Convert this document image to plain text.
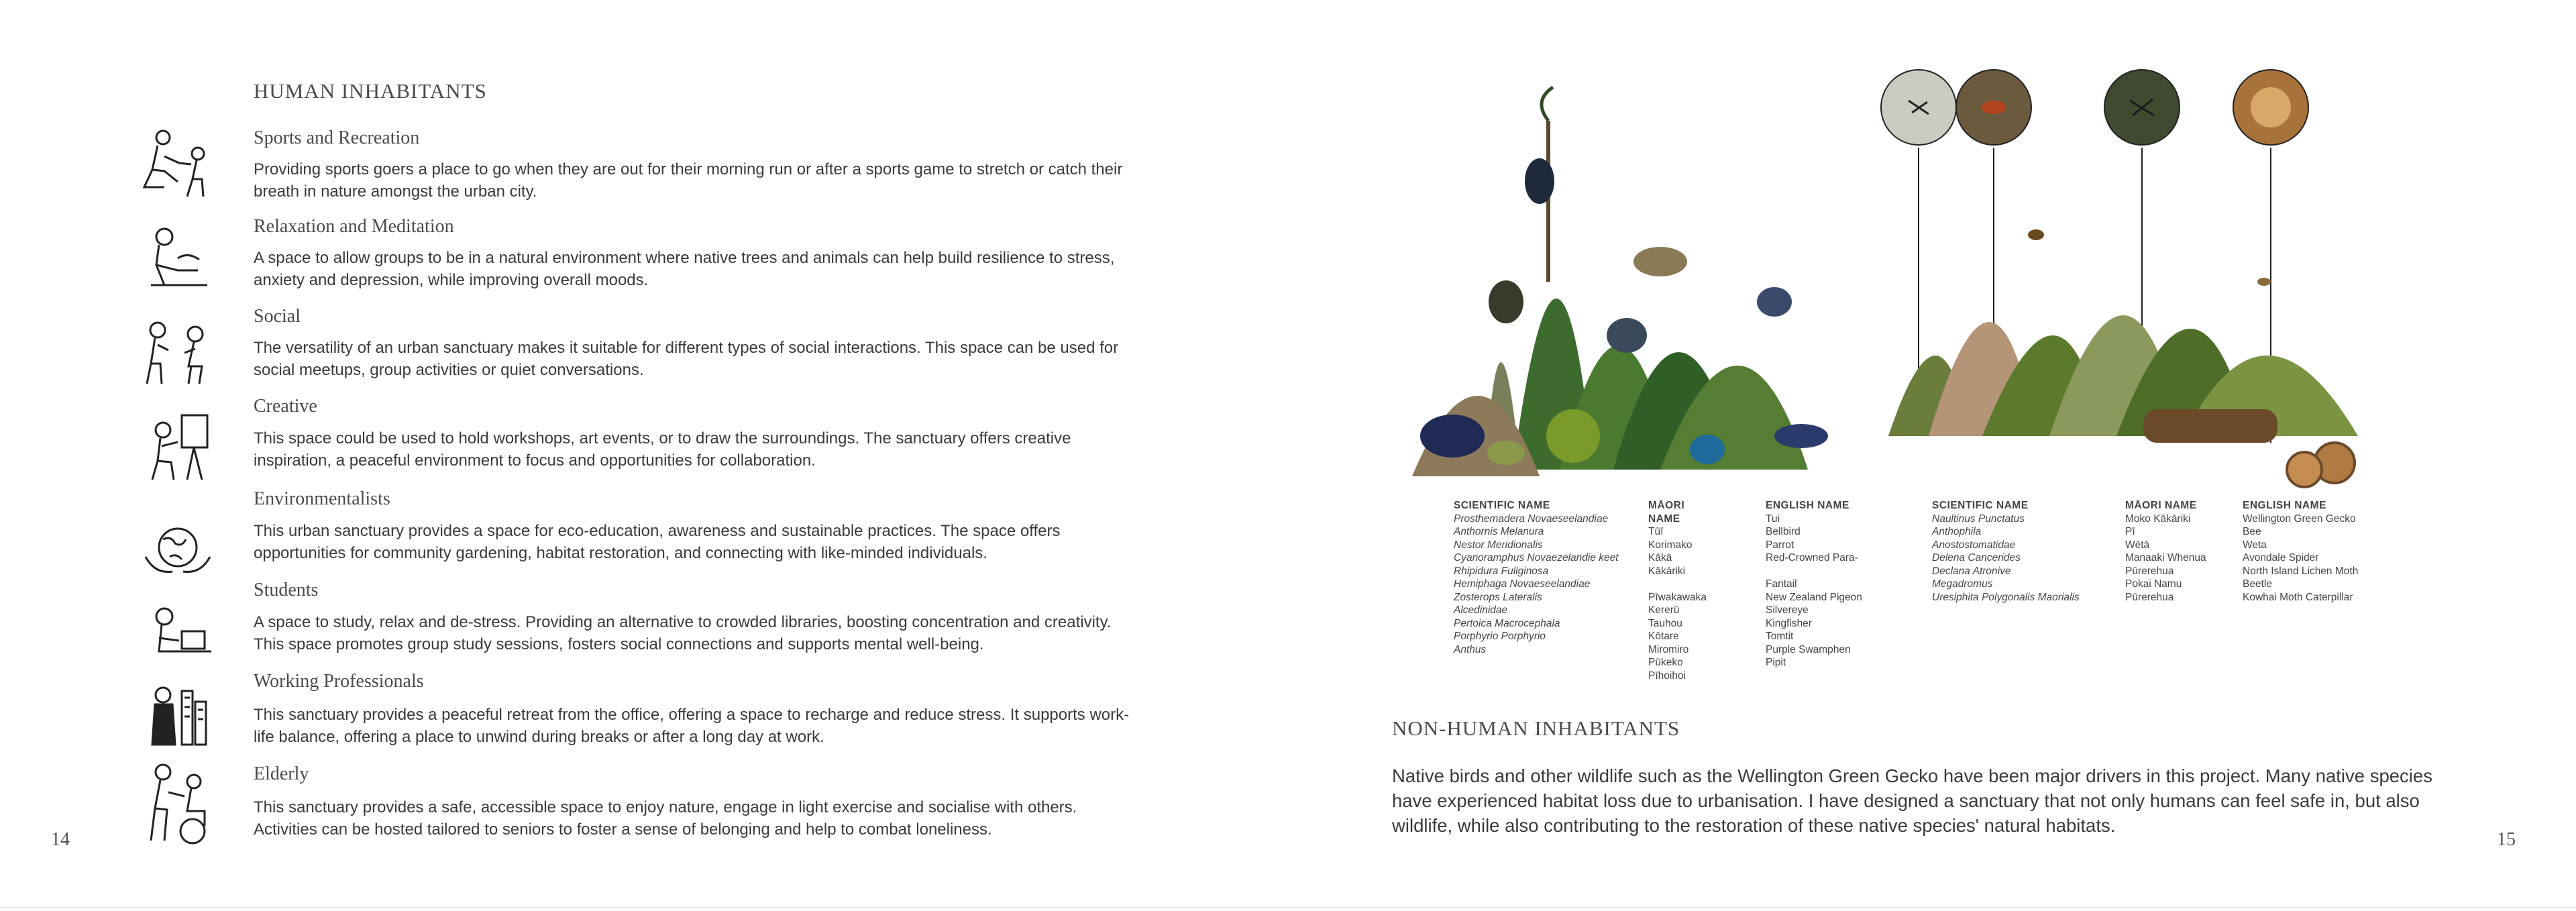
HUMAN INHABITANTS
Sports and Recreation
Providing sports goers a place to go when they are out for their morning run or after a sports game to stretch or catch their breath in nature amongst the urban city.
Relaxation and Meditation
A space to allow groups to be in a natural environment where native trees and animals can help build resilience to stress, anxiety and depression, while improving overall moods.
Social
The versatility of an urban sanctuary makes it suitable for different types of social interactions. This space can be used for social meetups, group activities or quiet conversations.
Creative
This space could be used to hold workshops, art events, or to draw the surroundings. The sanctuary offers creative inspiration, a peaceful environment to focus and opportunities for collaboration.
Environmentalists
This urban sanctuary provides a space for eco-education, awareness and sustainable practices. The space offers opportunities for community gardening, habitat restoration, and connecting with like-minded individuals.
Students
A space to study, relax and de-stress. Providing an alternative to crowded libraries, boosting concentration and creativity. This space promotes group study sessions, fosters social connections and supports mental well-being.
Working Professionals
This sanctuary provides a peaceful retreat from the office, offering a space to recharge and reduce stress. It supports work-life balance, offering a place to unwind during breaks or after a long day at work.
Elderly
This sanctuary provides a safe, accessible space to enjoy nature, engage in light exercise and socialise with others. Activities can be hosted tailored to seniors to foster a sense of belonging and help to combat loneliness.
14
SCIENTIFIC NAME
Prosthemadera Novaeseelandiae
Anthornis Melanura
Nestor Meridionalis
Cyanoramphus Novaezelandie keet
Rhipidura Fuliginosa
Hemiphaga Novaeseelandiae
Zosterops Lateralis
Alcedinidae
Pertoica Macrocephala
Porphyrio Porphyrio
Anthus
MĀORI NAME
Tūī
Korimako
Kākā
Kākāriki
Pīwakawaka
Kererū
Tauhou
Kōtare
Miromiro
Pūkeko
Pīhoihoi
ENGLISH NAME
Tui
Bellbird
Parrot
Red-Crowned Para-
Fantail
New Zealand Pigeon
Silvereye
Kingfisher
Tomtit
Purple Swamphen
Pipit
SCIENTIFIC NAME
Naultinus Punctatus
Anthophila
Anostostomatidae
Delena Cancerides
Declana Atronive
Megadromus
Uresiphita Polygonalis Maorialis
MĀORI NAME
Moko Kākāriki
Pī
Wētā
Manaaki Whenua
Pūrerehua
Pokai Namu
Pūrerehua
ENGLISH NAME
Wellington Green Gecko
Bee
Weta
Avondale Spider
North Island Lichen Moth
Beetle
Kowhai Moth Caterpillar
NON-HUMAN INHABITANTS
Native birds and other wildlife such as the Wellington Green Gecko have been major drivers in this project. Many native species have experienced habitat loss due to urbanisation. I have designed a sanctuary that not only humans can feel safe in, but also wildlife, while also contributing to the restoration of these native species' natural habitats.
15
